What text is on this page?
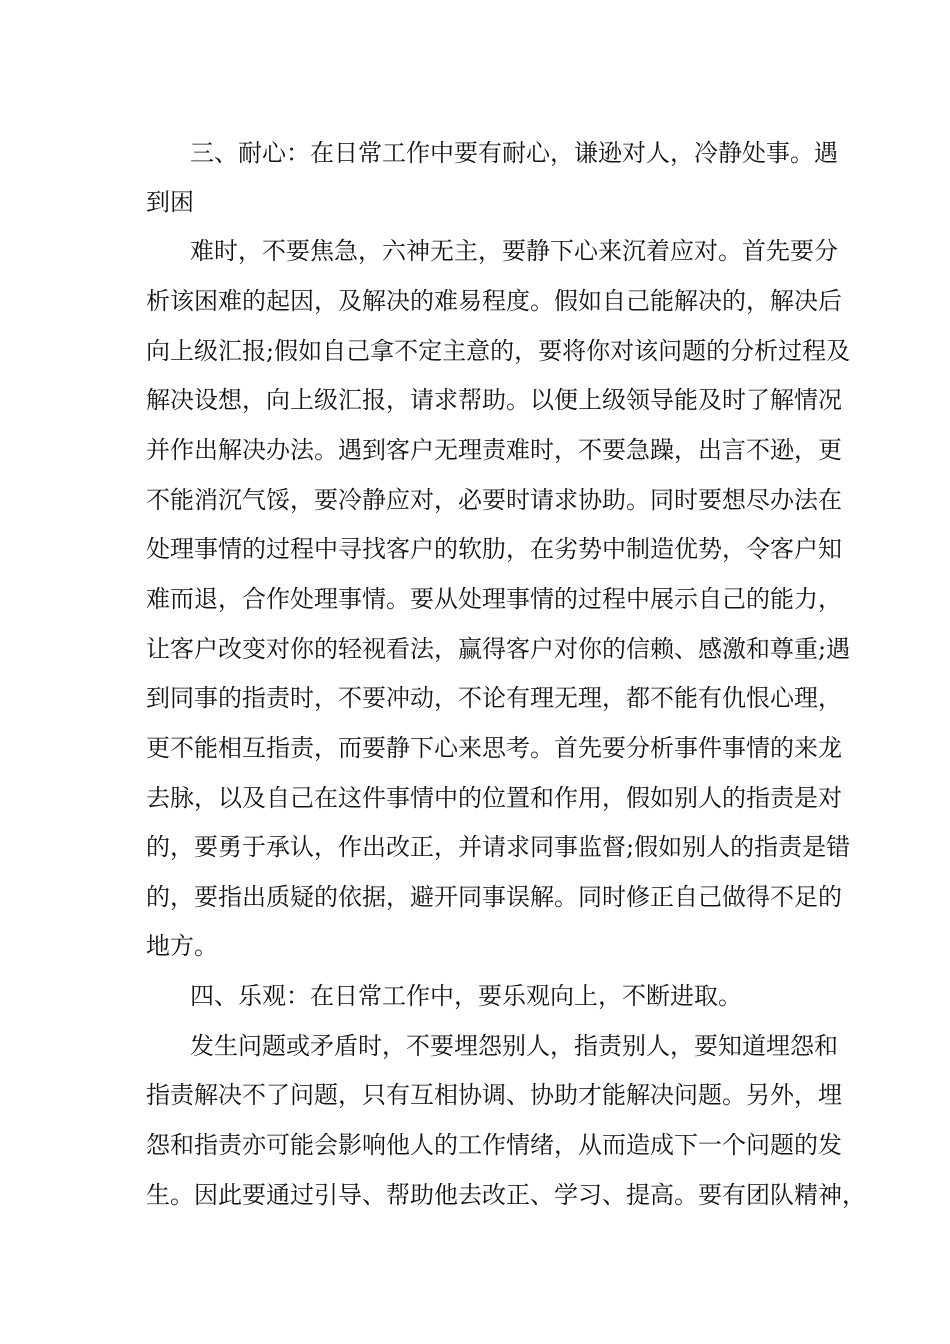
三、耐心：在日常工作中要有耐心，谦逊对人，冷静处事。遇
到困
难时，不要焦急，六神无主，要静下心来沉着应对。首先要分
析该困难的起因，及解决的难易程度。假如自己能解决的，解决后
向上级汇报;假如自己拿不定主意的，要将你对该问题的分析过程及
解决设想，向上级汇报，请求帮助。以便上级领导能及时了解情况
并作出解决办法。遇到客户无理责难时，不要急躁，出言不逊，更
不能消沉气馁，要冷静应对，必要时请求协助。同时要想尽办法在
处理事情的过程中寻找客户的软肋，在劣势中制造优势，令客户知
难而退，合作处理事情。要从处理事情的过程中展示自己的能力，
让客户改变对你的轻视看法，赢得客户对你的信赖、感激和尊重;遇
到同事的指责时，不要冲动，不论有理无理，都不能有仇恨心理，
更不能相互指责，而要静下心来思考。首先要分析事件事情的来龙
去脉，以及自己在这件事情中的位置和作用，假如别人的指责是对
的，要勇于承认，作出改正，并请求同事监督;假如别人的指责是错
的，要指出质疑的依据，避开同事误解。同时修正自己做得不足的
地方。
四、乐观：在日常工作中，要乐观向上，不断进取。
发生问题或矛盾时，不要埋怨别人，指责别人，要知道埋怨和
指责解决不了问题，只有互相协调、协助才能解决问题。另外，埋
怨和指责亦可能会影响他人的工作情绪，从而造成下一个问题的发
生。因此要通过引导、帮助他去改正、学习、提高。要有团队精神，
